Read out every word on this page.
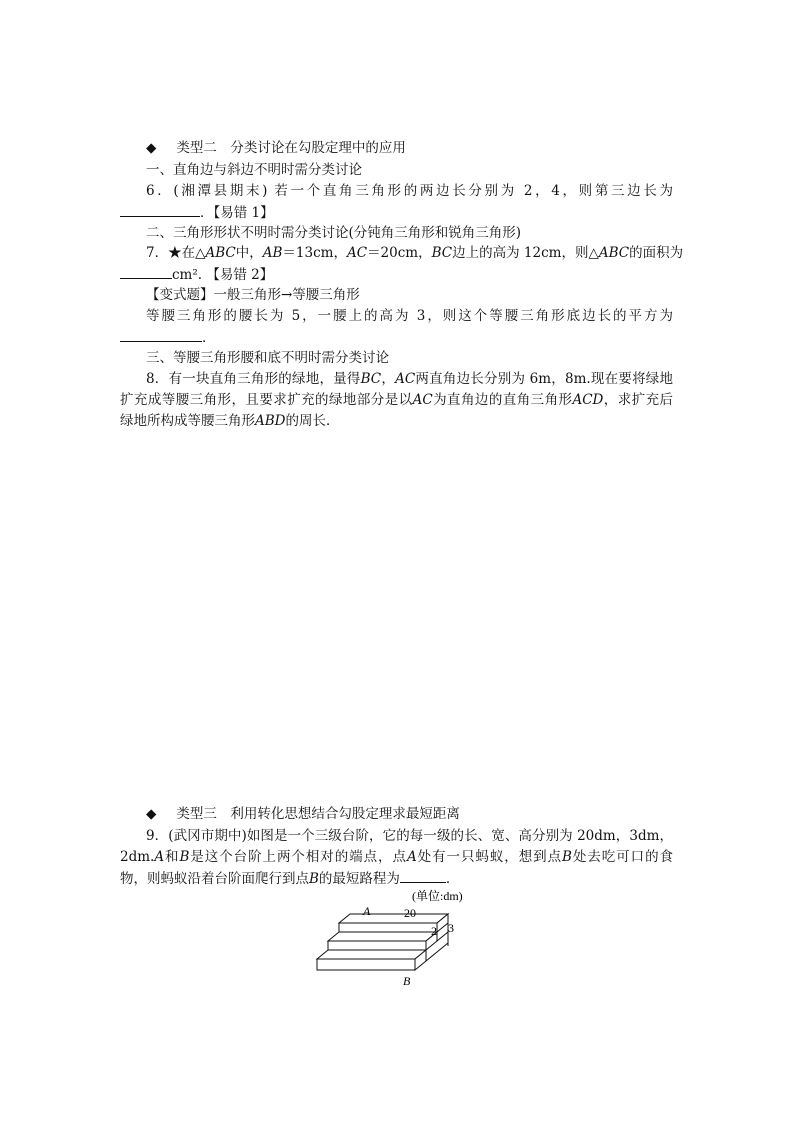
◆ 类型二　分类讨论在勾股定理中的应用
一、直角边与斜边不明时需分类讨论
6．(湘潭县期末) 若一个直角三角形的两边长分别为 2，4，则第三边长为
．【易错 1】
二、三角形形状不明时需分类讨论(分钝角三角形和锐角三角形)
7．★在△ABC中，AB＝13cm，AC＝20cm，BC边上的高为 12cm，则△ABC的面积为
cm². 【易错 2】
【变式题】一般三角形→等腰三角形
等腰三角形的腰长为 5，一腰上的高为 3，则这个等腰三角形底边长的平方为
．
三、等腰三角形腰和底不明时需分类讨论
8．有一块直角三角形的绿地，量得BC，AC两直角边长分别为 6m，8m.现在要将绿地
扩充成等腰三角形，且要求扩充的绿地部分是以AC为直角边的直角三角形ACD，求扩充后
绿地所构成等腰三角形ABD的周长．
◆ 类型三　利用转化思想结合勾股定理求最短距离
9．(武冈市期中)如图是一个三级台阶，它的每一级的长、宽、高分别为 20dm，3dm，
2dm.A和B是这个台阶上两个相对的端点，点A处有一只蚂蚁，想到点B处去吃可口的食
物，则蚂蚁沿着台阶面爬行到点B的最短路程为	．
(单位:dm)
A	20
2 3
B
